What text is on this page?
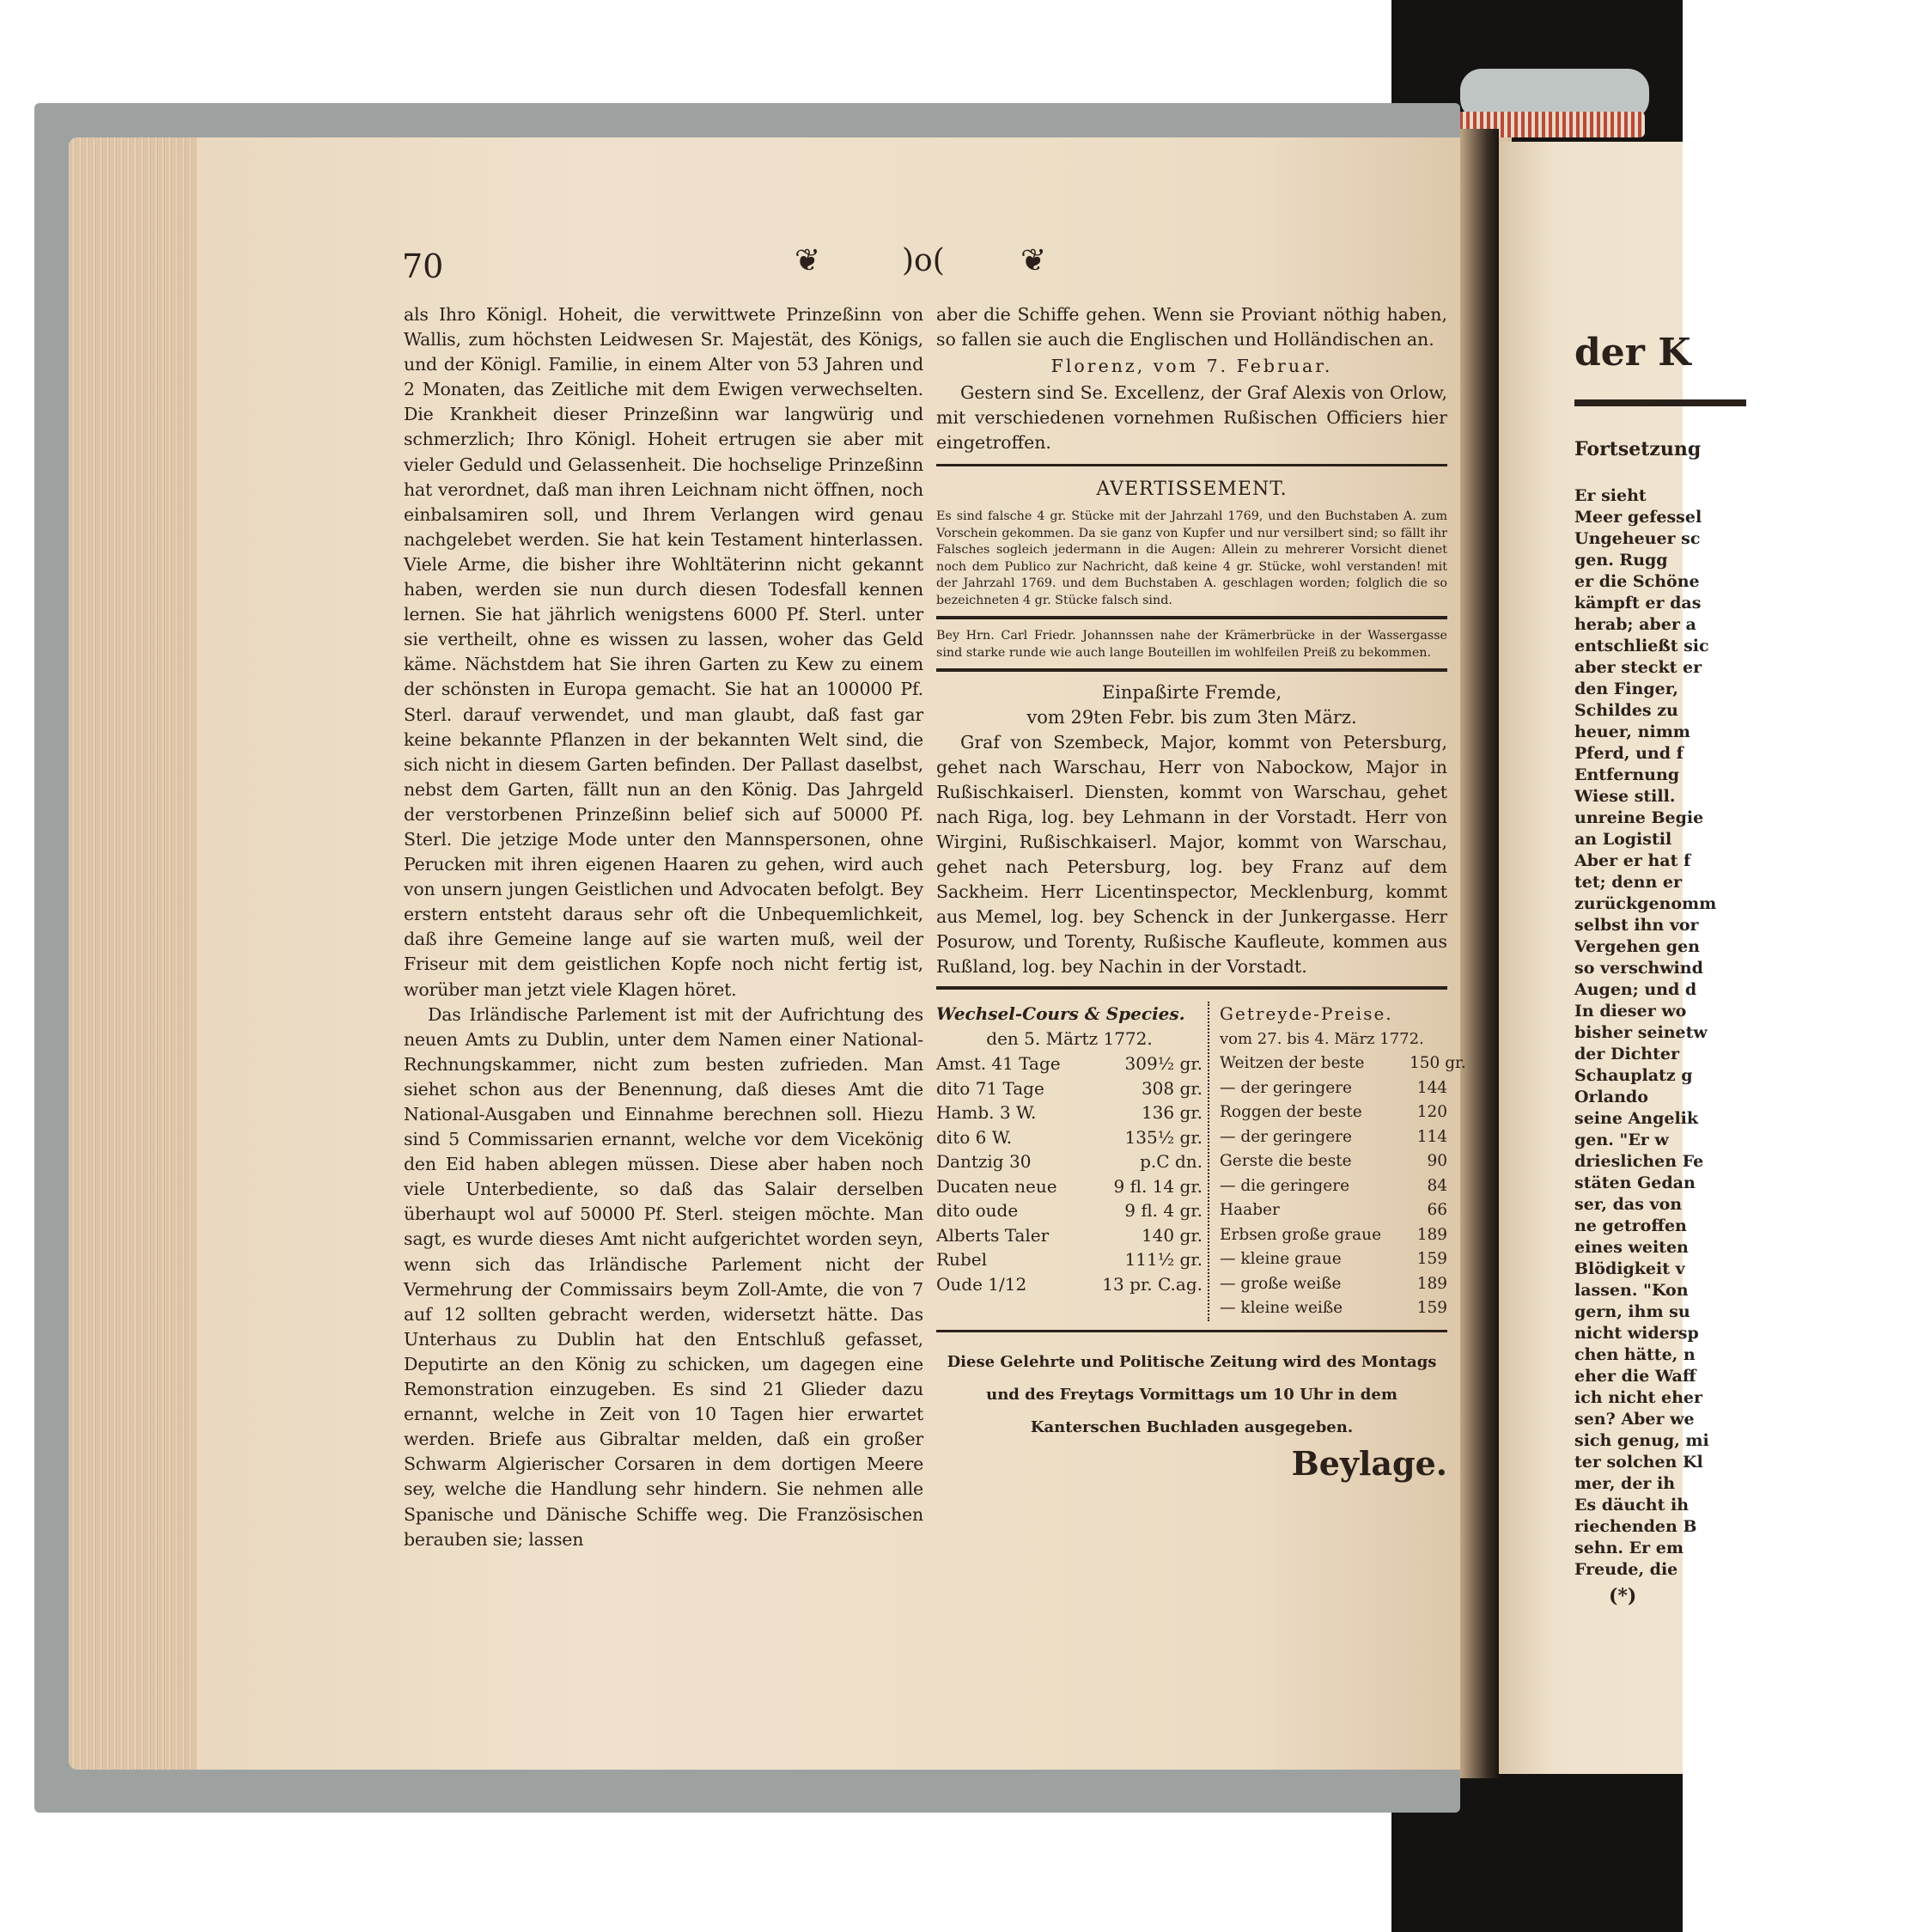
der K
Fortsetzung
Er sieht
Meer gefessel
Ungeheuer sc
gen. Rugg
er die Schöne
kämpft er das
herab; aber a
entschließt sic
aber steckt er
den Finger,
Schildes zu
heuer, nimm
Pferd, und f
Entfernung
Wiese still.
unreine Begie
an Logistil
Aber er hat f
tet; denn er
zurückgenomm
selbst ihn vor
Vergehen gen
so verschwind
Augen; und d
In dieser wo
bisher seinetw
der Dichter
Schauplatz g
Orlando
seine Angelik
gen. "Er w
drieslichen Fe
stäten Gedan
ser, das von
ne getroffen
eines weiten
Blödigkeit v
lassen. "Kon
gern, ihm su
nicht widersp
chen hätte, n
eher die Waff
ich nicht eher
sen? Aber we
sich genug, mi
ter solchen Kl
mer, der ih
Es däucht ih
riechenden B
sehn. Er em
Freude, die
(*)
70	❦	)o( ❦

als Ihro Königl. Hoheit, die verwittwete Prinzeßinn von Wallis, zum höchsten Leidwesen Sr. Majestät, des Königs, und der Königl. Familie, in einem Alter von 53 Jahren und 2 Monaten, das Zeitliche mit dem Ewigen verwechselten. Die Krankheit dieser Prinzeßinn war langwürig und schmerzlich; Ihro Königl. Hoheit ertrugen sie aber mit vieler Geduld und Gelassenheit. Die hochselige Prinzeßinn hat verordnet, daß man ihren Leichnam nicht öffnen, noch einbalsamiren soll, und Ihrem Verlangen wird genau nachgelebet werden. Sie hat kein Testament hinterlassen. Viele Arme, die bisher ihre Wohltäterinn nicht gekannt haben, werden sie nun durch diesen Todesfall kennen lernen. Sie hat jährlich wenigstens 6000 Pf. Sterl. unter sie vertheilt, ohne es wissen zu lassen, woher das Geld käme. Nächstdem hat Sie ihren Garten zu Kew zu einem der schönsten in Europa gemacht. Sie hat an 100000 Pf. Sterl. darauf verwendet, und man glaubt, daß fast gar keine bekannte Pflanzen in der bekannten Welt sind, die sich nicht in diesem Garten befinden. Der Pallast daselbst, nebst dem Garten, fällt nun an den König. Das Jahrgeld der verstorbenen Prinzeßinn belief sich auf 50000 Pf. Sterl. Die jetzige Mode unter den Mannspersonen, ohne Perucken mit ihren eigenen Haaren zu gehen, wird auch von unsern jungen Geistlichen und Advocaten befolgt. Bey erstern entsteht daraus sehr oft die Unbequemlichkeit, daß ihre Gemeine lange auf sie warten muß, weil der Friseur mit dem geistlichen Kopfe noch nicht fertig ist, worüber man jetzt viele Klagen höret.

Das Irländische Parlement ist mit der Aufrichtung des neuen Amts zu Dublin, unter dem Namen einer National-Rechnungskammer, nicht zum besten zufrieden. Man siehet schon aus der Benennung, daß dieses Amt die National-Ausgaben und Einnahme berechnen soll. Hiezu sind 5 Commissarien ernannt, welche vor dem Vicekönig den Eid haben ablegen müssen. Diese aber haben noch viele Unterbediente, so daß das Salair derselben überhaupt wol auf 50000 Pf. Sterl. steigen möchte. Man sagt, es wurde dieses Amt nicht aufgerichtet worden seyn, wenn sich das Irländische Parlement nicht der Vermehrung der Commissairs beym Zoll-Amte, die von 7 auf 12 sollten gebracht werden, widersetzt hätte. Das Unterhaus zu Dublin hat den Entschluß gefasset, Deputirte an den König zu schicken, um dagegen eine Remonstration einzugeben. Es sind 21 Glieder dazu ernannt, welche in Zeit von 10 Tagen hier erwartet werden. Briefe aus Gibraltar melden, daß ein großer Schwarm Algierischer Corsaren in dem dortigen Meere sey, welche die Handlung sehr hindern. Sie nehmen alle Spanische und Dänische Schiffe weg. Die Französischen berauben sie; lassen

aber die Schiffe gehen. Wenn sie Proviant nöthig haben, so fallen sie auch die Englischen und Holländischen an.

Florenz, vom 7. Februar.

Gestern sind Se. Excellenz, der Graf Alexis von Orlow, mit verschiedenen vornehmen Rußischen Officiers hier eingetroffen.

AVERTISSEMENT.
Es sind falsche 4 gr. Stücke mit der Jahrzahl 1769, und den Buchstaben A. zum Vorschein gekommen. Da sie ganz von Kupfer und nur versilbert sind; so fällt ihr Falsches sogleich jedermann in die Augen: Allein zu mehrerer Vorsicht dienet noch dem Publico zur Nachricht, daß keine 4 gr. Stücke, wohl verstanden! mit der Jahrzahl 1769. und dem Buchstaben A. geschlagen worden; folglich die so bezeichneten 4 gr. Stücke falsch sind.
Bey Hrn. Carl Friedr. Johannssen nahe der Krämerbrücke in der Wassergasse sind starke runde wie auch lange Bouteillen im wohlfeilen Preiß zu bekommen.
Einpaßirte Fremde,
vom 29ten Febr. bis zum 3ten März.

Graf von Szembeck, Major, kommt von Petersburg, gehet nach Warschau, Herr von Nabockow, Major in Rußischkaiserl. Diensten, kommt von Warschau, gehet nach Riga, log. bey Lehmann in der Vorstadt. Herr von Wirgini, Rußischkaiserl. Major, kommt von Warschau, gehet nach Petersburg, log. bey Franz auf dem Sackheim. Herr Licentinspector, Mecklenburg, kommt aus Memel, log. bey Schenck in der Junkergasse. Herr Posurow, und Torenty, Rußische Kaufleute, kommen aus Rußland, log. bey Nachin in der Vorstadt.

Wechsel-Cours & Species.
den 5. Märtz 1772.
Amst. 41 Tage	309½ gr.
dito 71 Tage	308 gr.
Hamb. 3 W.	136 gr.
dito 6 W.	135½ gr.
Dantzig 30	p.C dn.
Ducaten neue	9 fl. 14 gr.
dito oude	9 fl. 4 gr.
Alberts Taler	140 gr.
Rubel	111½ gr.
Oude 1/12	13 pr. C.ag.
Getreyde-Preise.
vom 27. bis 4. März 1772.
Weitzen der beste	150 gr.
— der geringere	144
Roggen der beste	120
— der geringere	114
Gerste die beste	90
— die geringere	84
Haaber	66
Erbsen große graue	189
— kleine graue	159
— große weiße	189
— kleine weiße	159
Diese Gelehrte und Politische Zeitung wird des Montags
und des Freytags Vormittags um 10 Uhr in dem
Kanterschen Buchladen ausgegeben.
Beylage.
